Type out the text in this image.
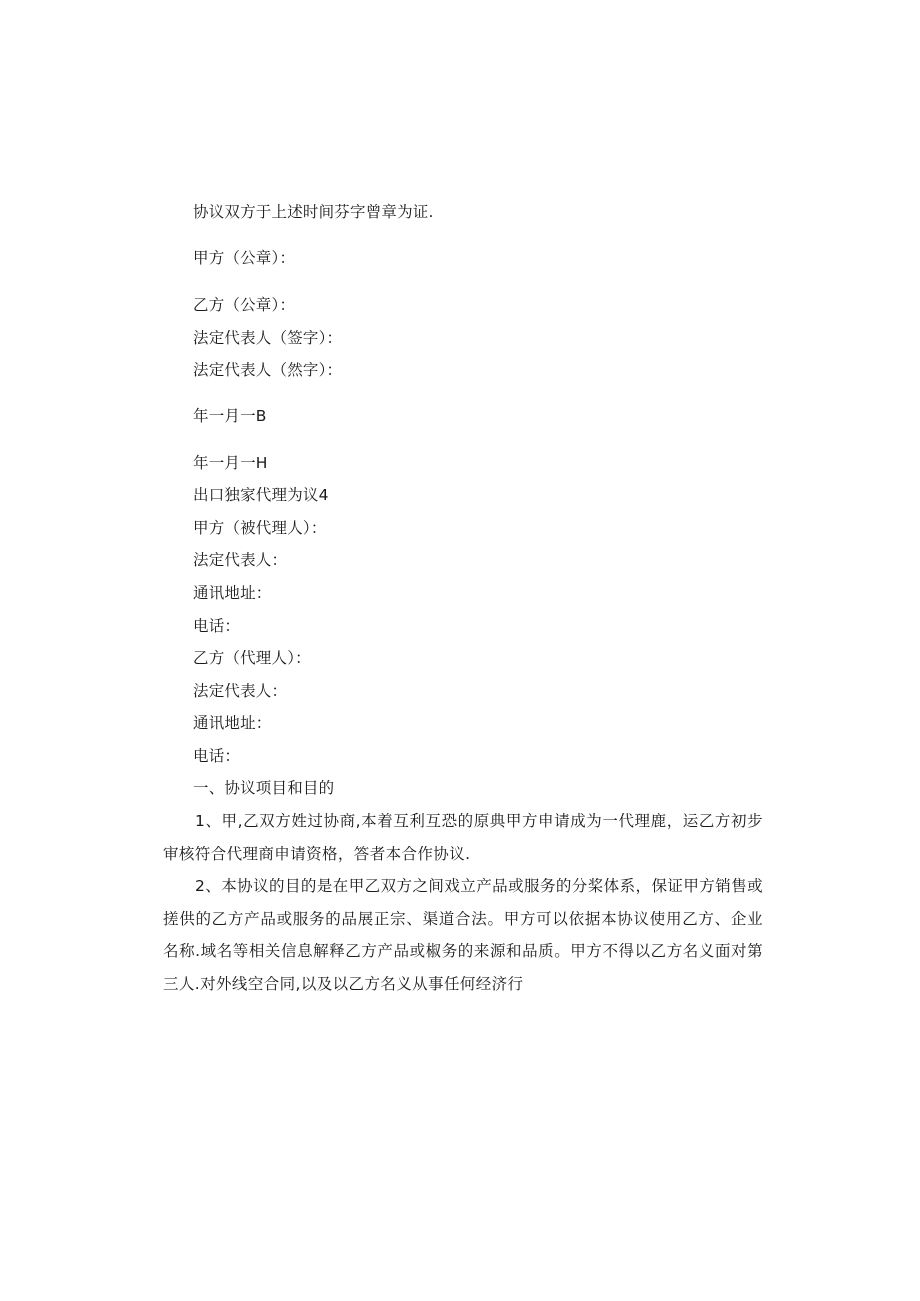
协议双方于上述时间芬字曾章为证.
甲方（公章）：
乙方（公章）：
法定代表人（签字）：
法定代表人（然字）：
年一月一B
年一月一H
出口独家代理为议4
甲方（被代理人）：
法定代表人：
通讯地址：
电话：
乙方（代理人）：
法定代表人：
通讯地址：
电话：
一、协议项目和目的
1、甲,乙双方姓过协商,本着互利互恐的原典甲方申请成为一代理鹿，运乙方初步审核符合代理商申请资格，答者本合作协议.
2、本协议的目的是在甲乙双方之间戏立产品或服务的分桨体系，保证甲方销售或搓供的乙方产品或服务的品展正宗、渠道合法。甲方可以依据本协议使用乙方、企业名称.域名等相关信息解释乙方产品或椒务的来源和品质。甲方不得以乙方名义面对第三人.对外线空合同,以及以乙方名义从事任何经济行
